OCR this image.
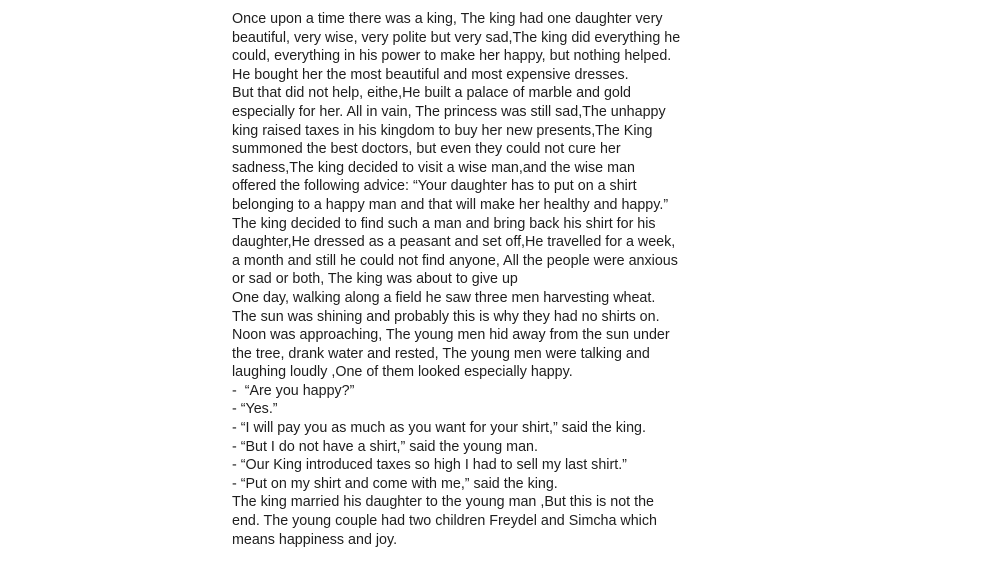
Once upon a time there was a king, The king had one daughter very
beautiful, very wise, very polite but very sad,The king did everything he
could, everything in his power to make her happy, but nothing helped.
He bought her the most beautiful and most expensive dresses.
But that did not help, eithe,He built a palace of marble and gold
especially for her. All in vain, The princess was still sad,The unhappy
king raised taxes in his kingdom to buy her new presents,The King
summoned the best doctors, but even they could not cure her
sadness,The king decided to visit a wise man,and the wise man
offered the following advice: “Your daughter has to put on a shirt
belonging to a happy man and that will make her healthy and happy.”
The king decided to find such a man and bring back his shirt for his
daughter,He dressed as a peasant and set off,He travelled for a week,
a month and still he could not find anyone, All the people were anxious
or sad or both, The king was about to give up
One day, walking along a field he saw three men harvesting wheat.
The sun was shining and probably this is why they had no shirts on.
Noon was approaching, The young men hid away from the sun under
the tree, drank water and rested, The young men were talking and
laughing loudly ,One of them looked especially happy.
-  “Are you happy?”
- “Yes.”
- “I will pay you as much as you want for your shirt,” said the king.
- “But I do not have a shirt,” said the young man.
- “Our King introduced taxes so high I had to sell my last shirt.”
- “Put on my shirt and come with me,” said the king.
The king married his daughter to the young man ,But this is not the
end. The young couple had two children Freydel and Simcha which
means happiness and joy.
